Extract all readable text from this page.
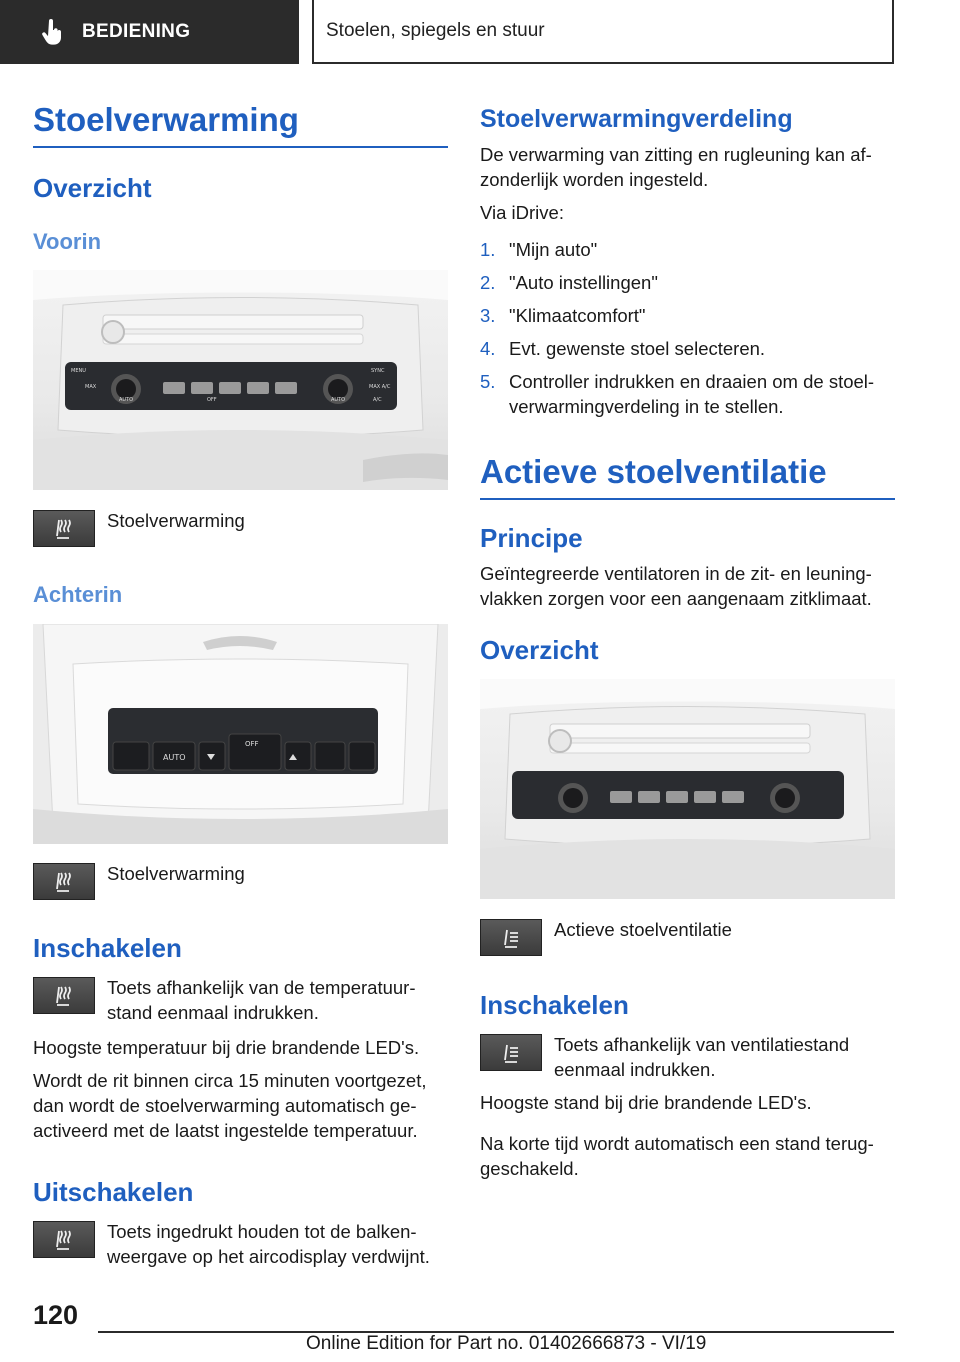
BEDIENING	Stoelen, spiegels en stuur
Stoelverwarming
Overzicht
Voorin
MENU
MAX
AUTO	OFF	AUTO
SYNC
MAX A/C
A/C
Stoelverwarming
Achterin
AUTO
OFF
Stoelverwarming
Inschakelen
Toets afhankelijk van de temperatuur-stand eenmaal indrukken.

Hoogste temperatuur bij drie brandende LED's.

Wordt de rit binnen circa 15 minuten voortgezet, dan wordt de stoelverwarming automatisch ge-activeerd met de laatst ingestelde temperatuur.

Uitschakelen
Toets ingedrukt houden tot de balken-weergave op het aircodisplay verdwijnt.
Stoelverwarmingverdeling

De verwarming van zitting en rugleuning kan af-zonderlijk worden ingesteld.

Via iDrive:

1. "Mijn auto"
2. "Auto instellingen"
3. "Klimaatcomfort"
4. Evt. gewenste stoel selecteren.
5. Controller indrukken en draaien om de stoel-verwarmingverdeling in te stellen.
Actieve stoelventilatie
Principe

Geïntegreerde ventilatoren in de zit- en leuning-vlakken zorgen voor een aangenaam zitklimaat.

Overzicht
Actieve stoelventilatie
Inschakelen
Toets afhankelijk van ventilatiestand eenmaal indrukken.

Hoogste stand bij drie brandende LED's.

Na korte tijd wordt automatisch een stand terug-geschakeld.

120
Online Edition for Part no. 01402666873 - VI/19
